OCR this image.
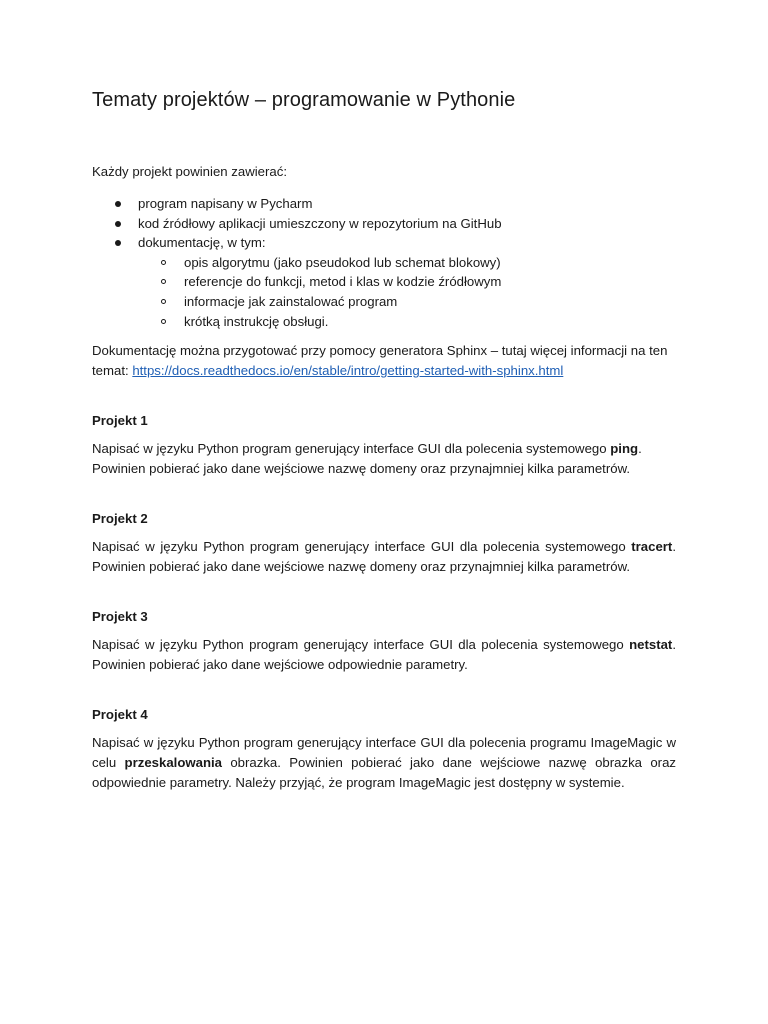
Tematy projektów – programowanie w Pythonie

Każdy projekt powinien zawierać:

program napisany w Pycharm
kod źródłowy aplikacji umieszczony w repozytorium na GitHub
dokumentację, w tym:
opis algorytmu (jako pseudokod lub schemat blokowy)
referencje do funkcji, metod i klas w kodzie źródłowym
informacje jak zainstalować program
krótką instrukcję obsługi.

Dokumentację można przygotować przy pomocy generatora Sphinx – tutaj więcej informacji na ten temat: https://docs.readthedocs.io/en/stable/intro/getting-started-with-sphinx.html

Projekt 1

Napisać w języku Python program generujący interface GUI dla polecenia systemowego ping. Powinien pobierać jako dane wejściowe nazwę domeny oraz przynajmniej kilka parametrów.

Projekt 2

Napisać w języku Python program generujący interface GUI dla polecenia systemowego tracert. Powinien pobierać jako dane wejściowe nazwę domeny oraz przynajmniej kilka parametrów.

Projekt 3

Napisać w języku Python program generujący interface GUI dla polecenia systemowego netstat. Powinien pobierać jako dane wejściowe odpowiednie parametry.

Projekt 4

Napisać w języku Python program generujący interface GUI dla polecenia programu ImageMagic w celu przeskalowania obrazka. Powinien pobierać jako dane wejściowe nazwę obrazka oraz odpowiednie parametry. Należy przyjąć, że program ImageMagic jest dostępny w systemie.
